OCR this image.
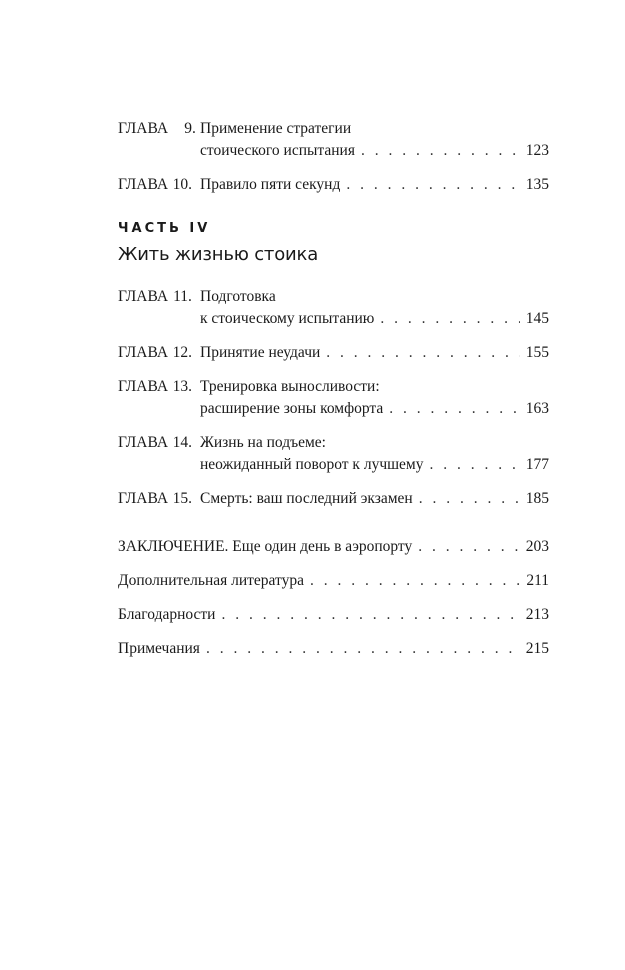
ГЛАВА 9. Применение стратегии
стоического испытания . . .	123
ГЛАВА 10. Правило пяти секунд . . .	135
ЧАСТЬ IV
Жить жизнью стоика
ГЛАВА 11. Подготовка
к стоическому испытанию . . .	145
ГЛАВА 12. Принятие неудачи . . .	155
ГЛАВА 13. Тренировка выносливости:
расширение зоны комфорта . . .	163
ГЛАВА 14. Жизнь на подъеме:
неожиданный поворот к лучшему . . .	177
ГЛАВА 15. Смерть: ваш последний экзамен . . .	185
ЗАКЛЮЧЕНИЕ. Еще один день в аэропорту . . .	203
Дополнительная литература . . .	211
Благодарности . . .	213
Примечания . . .	215
